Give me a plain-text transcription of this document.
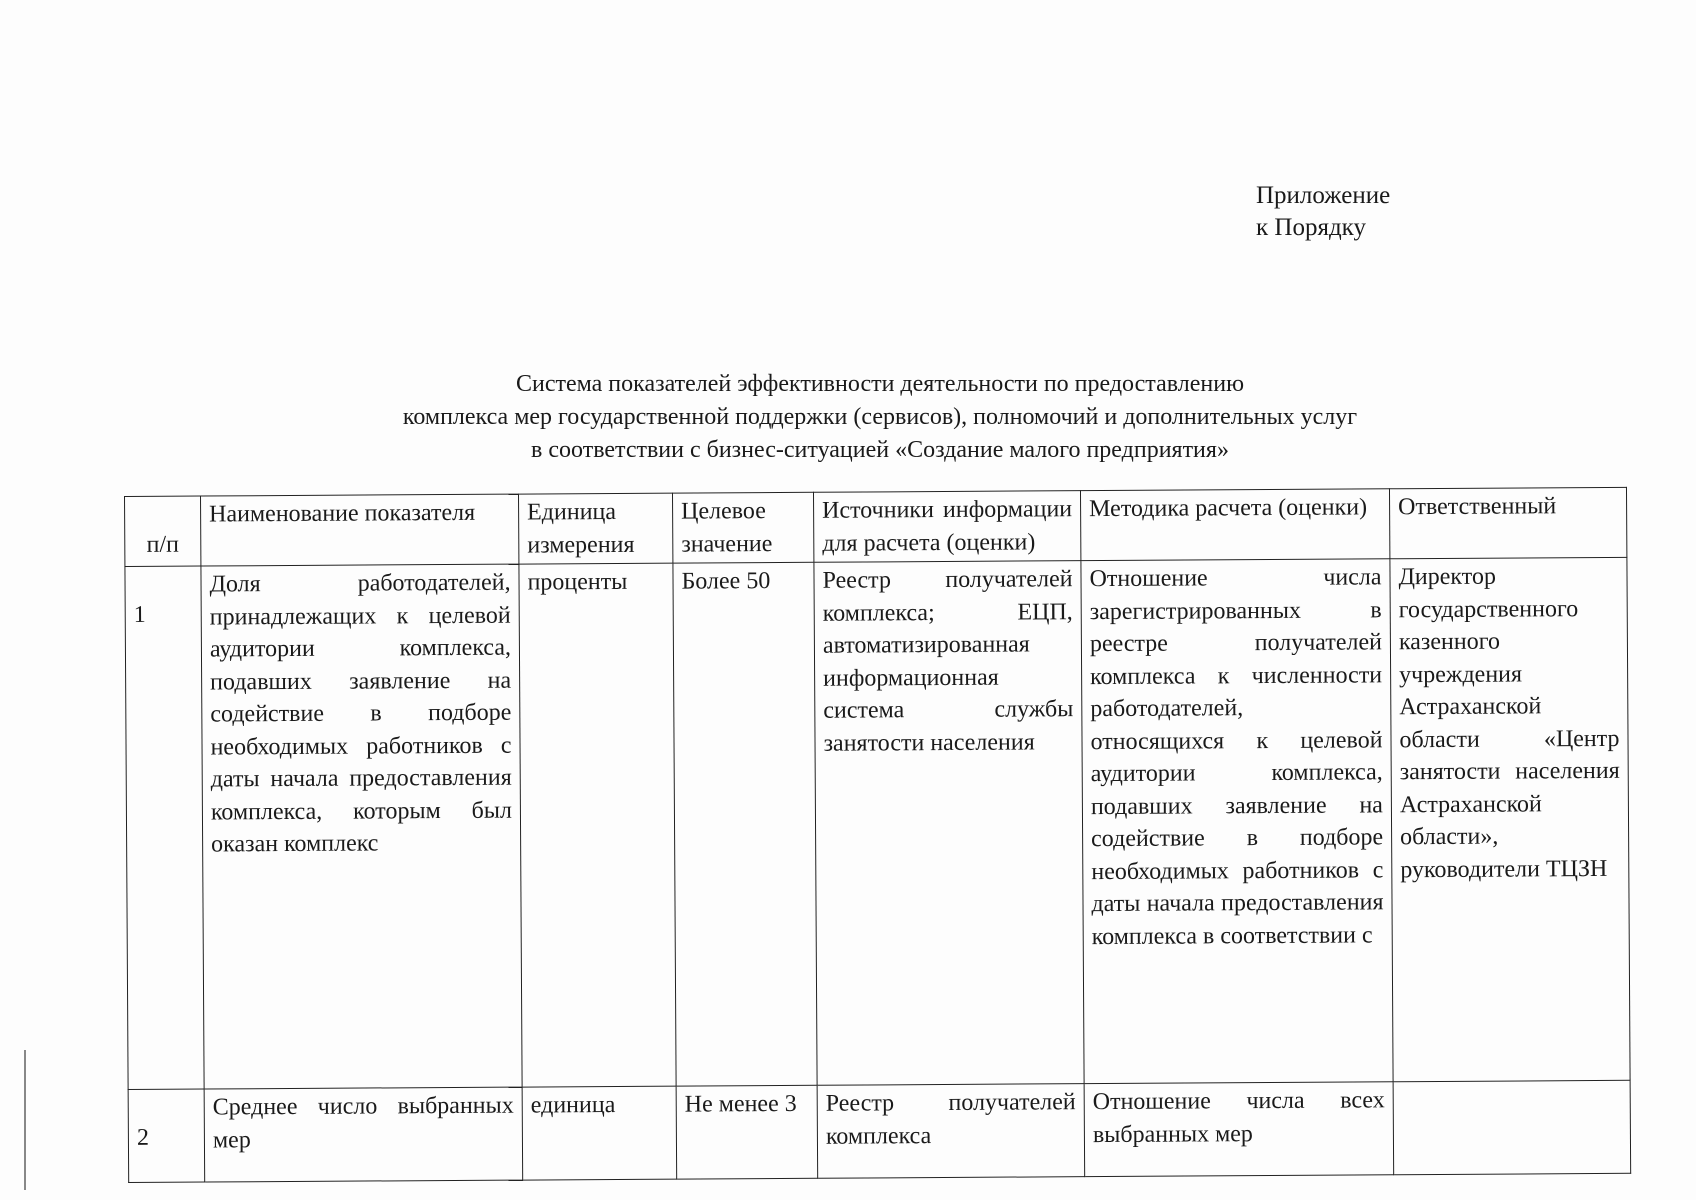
Приложение
к Порядку
Система показателей эффективности деятельности по предоставлению
комплекса мер государственной поддержки (сервисов), полномочий и дополнительных услуг
в соответствии с бизнес-ситуацией «Создание малого предприятия»
п/п	Наименование показателя	Единица измерения	Целевое значение	Источники информации для расчета (оценки)	Методика расчета (оценки)	Ответственный
1	Доля работодателей, принадлежащих к целевой аудитории комплекса, подавших заявление на содействие в подборе необходимых работников с даты начала предоставления комплекса, которым был оказан комплекс	проценты	Более 50	Реестр получателей комплекса; ЕЦП, автоматизированная информационная система службы занятости населения	Отношение числа зарегистрированных в реестре получателей комплекса к численности работодателей, относящихся к целевой аудитории комплекса, подавших заявление на содействие в подборе необходимых работников с даты начала предоставления комплекса в соответствии с	Директор государственного казенного учреждения Астраханской области «Центр занятости населения Астраханской области», руководители ТЦЗН
2	Среднее число выбранных мер	единица	Не менее 3	Реестр получателей комплекса	Отношение числа всех выбранных мер	
